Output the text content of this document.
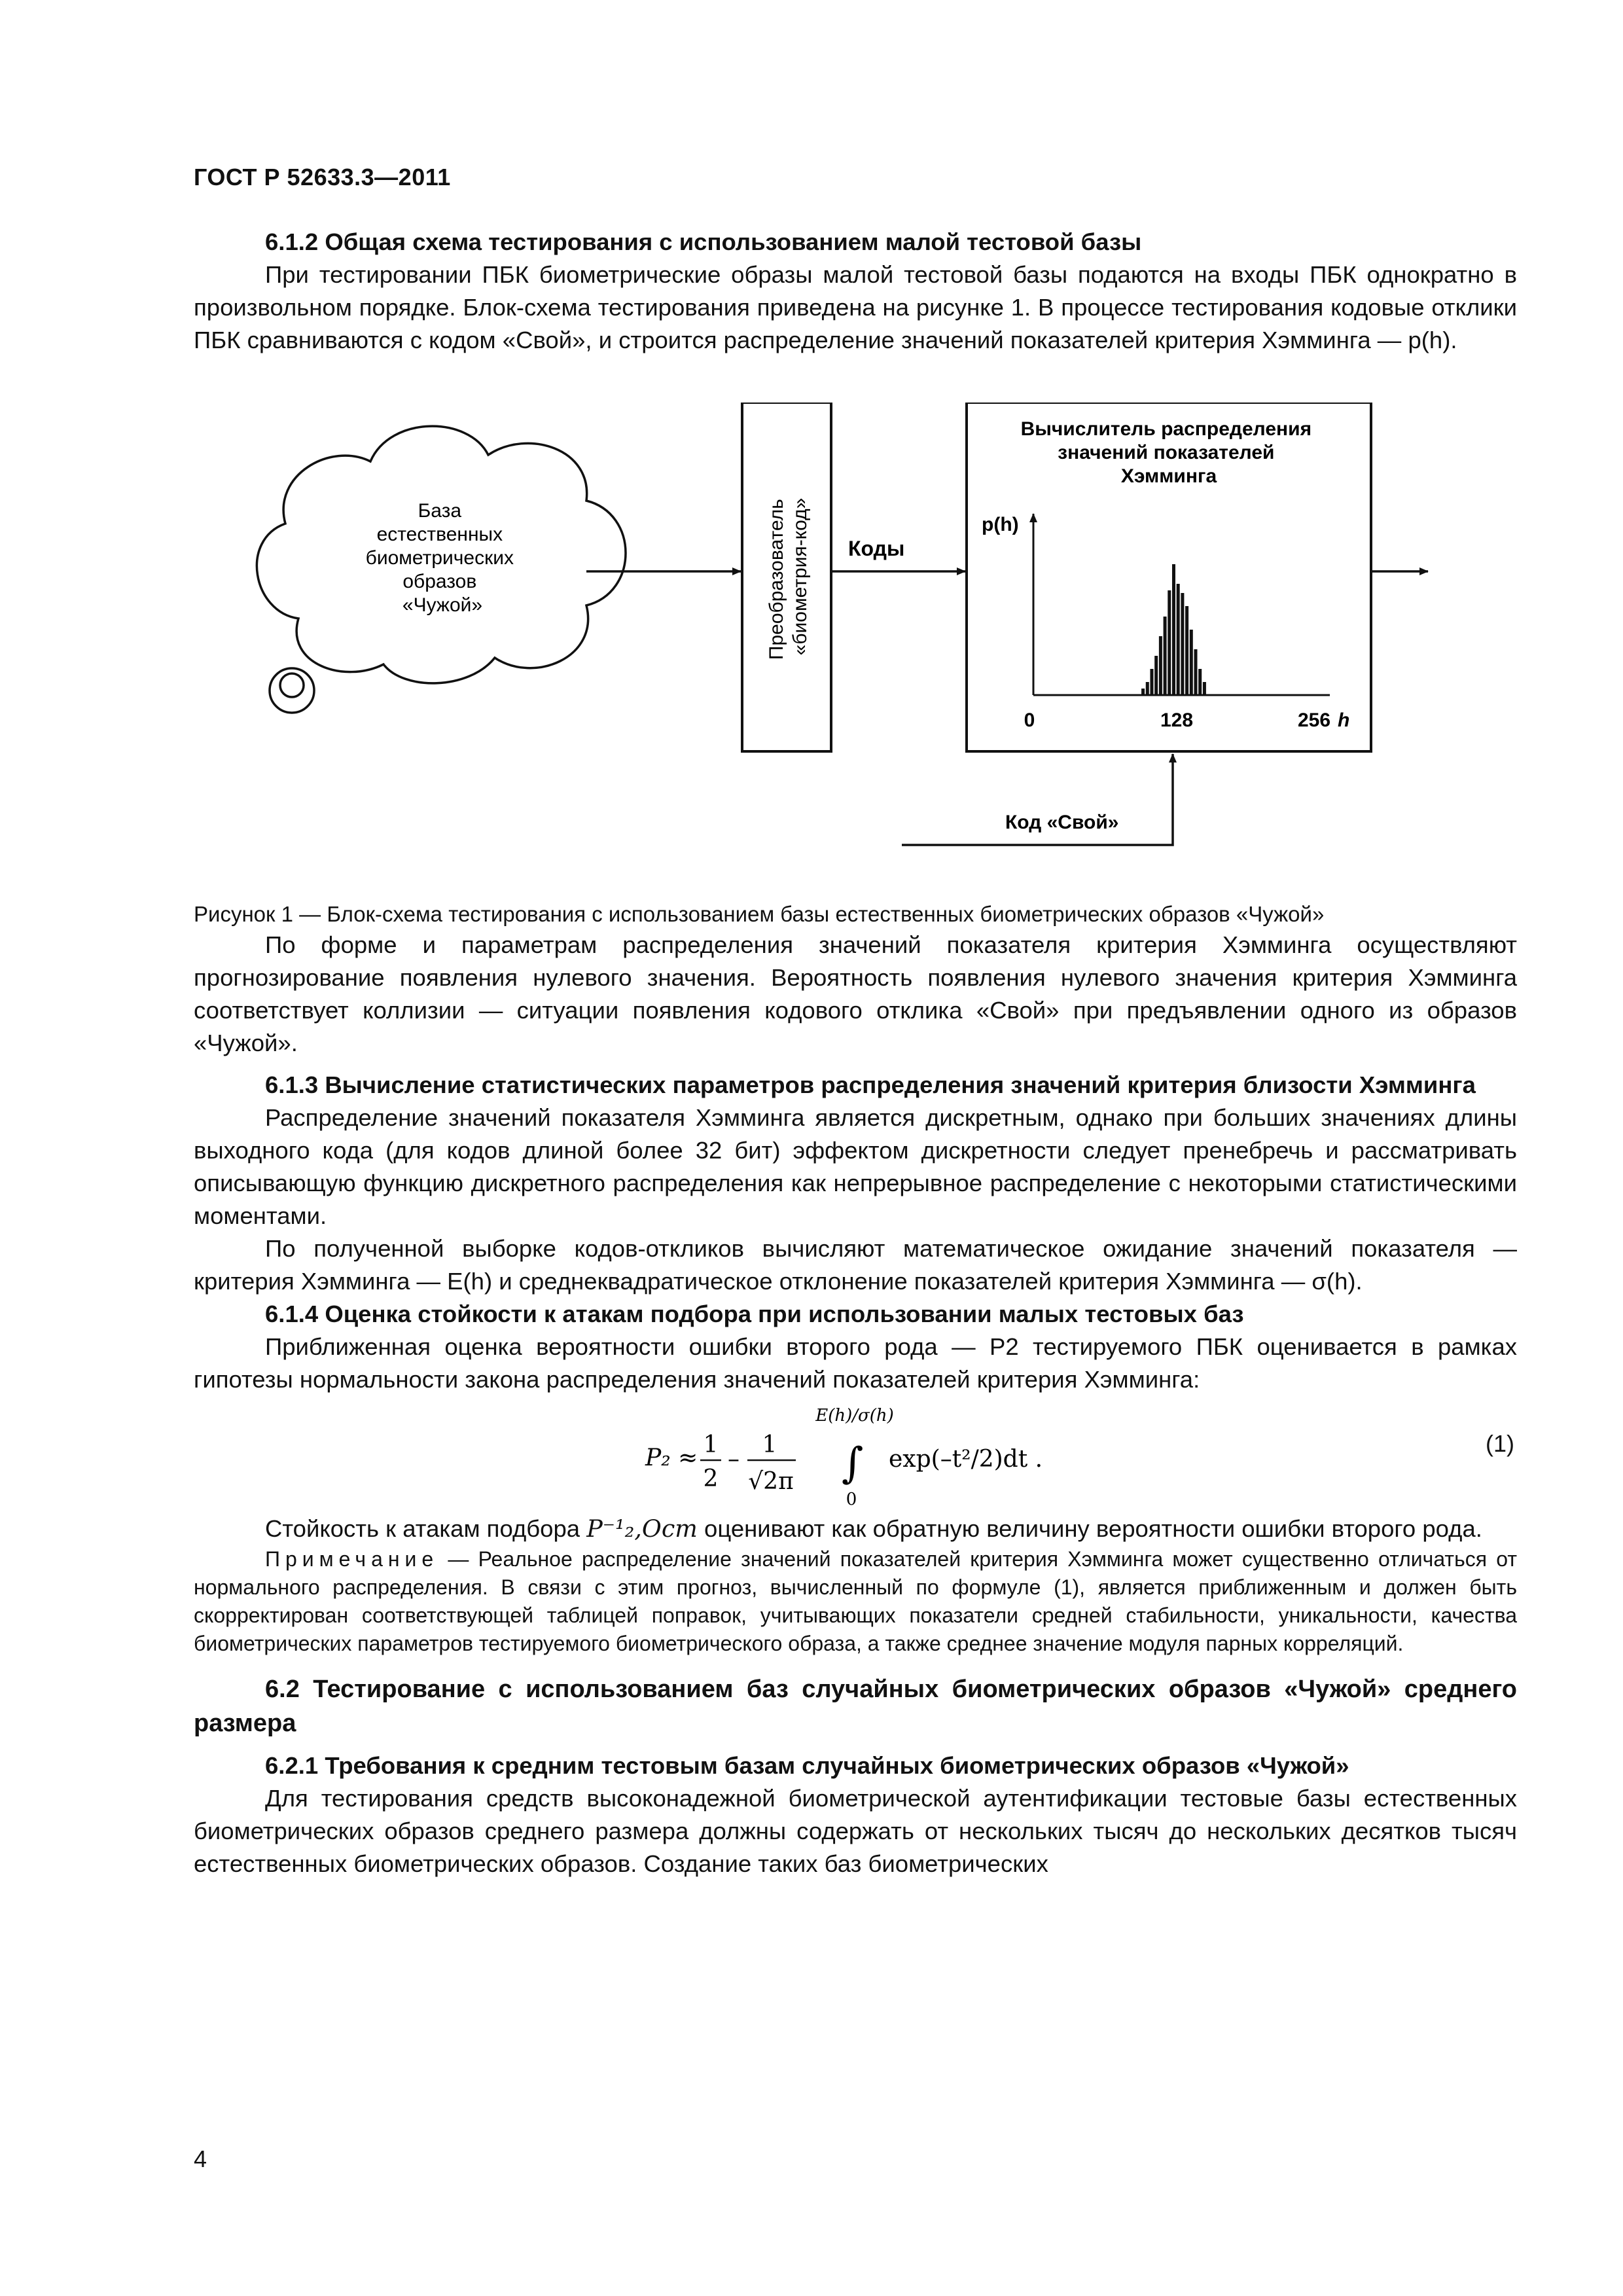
ГОСТ Р 52633.3—2011
6.1.2 Общая схема тестирования с использованием малой тестовой базы

При тестировании ПБК биометрические образы малой тестовой базы подаются на входы ПБК однократно в произвольном порядке. Блок-схема тестирования приведена на рисунке 1. В процессе тестирования кодовые отклики ПБК сравниваются с кодом «Свой», и строится распределение значений показателей критерия Хэмминга — p(h).

База естественных биометрических образов «Чужой»	Преобразователь «биометрия-код» Коды
Вычислитель распределения значений показателей Хэмминга
p(h)
0	128	256 h
Код «Свой»

Рисунок 1 — Блок-схема тестирования с использованием базы естественных биометрических образов «Чужой»

По форме и параметрам распределения значений показателя критерия Хэмминга осуществляют прогнозирование появления нулевого значения. Вероятность появления нулевого значения критерия Хэмминга соответствует коллизии — ситуации появления кодового отклика «Свой» при предъявлении одного из образов «Чужой».

6.1.3 Вычисление статистических параметров распределения значений критерия близости Хэмминга

Распределение значений показателя Хэмминга является дискретным, однако при больших значениях длины выходного кода (для кодов длиной более 32 бит) эффектом дискретности следует пренебречь и рассматривать описывающую функцию дискретного распределения как непрерывное распределение с некоторыми статистическими моментами.

По полученной выборке кодов-откликов вычисляют математическое ожидание значений показателя — критерия Хэмминга — E(h) и среднеквадратическое отклонение показателей критерия Хэмминга — σ(h).

6.1.4 Оценка стойкости к атакам подбора при использовании малых тестовых баз

Приближенная оценка вероятности ошибки второго рода — P2 тестируемого ПБК оценивается в рамках гипотезы нормальности закона распределения значений показателей критерия Хэмминга:

P₂ ≈ 1
2
–
1
√2π
E(h)/σ(h)
∫
0
exp(–t²/2)dt .
(1)

Стойкость к атакам подбора P⁻¹₂,Ост оценивают как обратную величину вероятности ошибки второго рода.

Примечание — Реальное распределение значений показателей критерия Хэмминга может существенно отличаться от нормального распределения. В связи с этим прогноз, вычисленный по формуле (1), является приближенным и должен быть скорректирован соответствующей таблицей поправок, учитывающих показатели средней стабильности, уникальности, качества биометрических параметров тестируемого биометрического образа, а также среднее значение модуля парных корреляций.

6.2 Тестирование с использованием баз случайных биометрических образов «Чужой» среднего размера
6.2.1 Требования к средним тестовым базам случайных биометрических образов «Чужой»

Для тестирования средств высоконадежной биометрической аутентификации тестовые базы естественных биометрических образов среднего размера должны содержать от нескольких тысяч до нескольких десятков тысяч естественных биометрических образов. Создание таких баз биометрических

4
